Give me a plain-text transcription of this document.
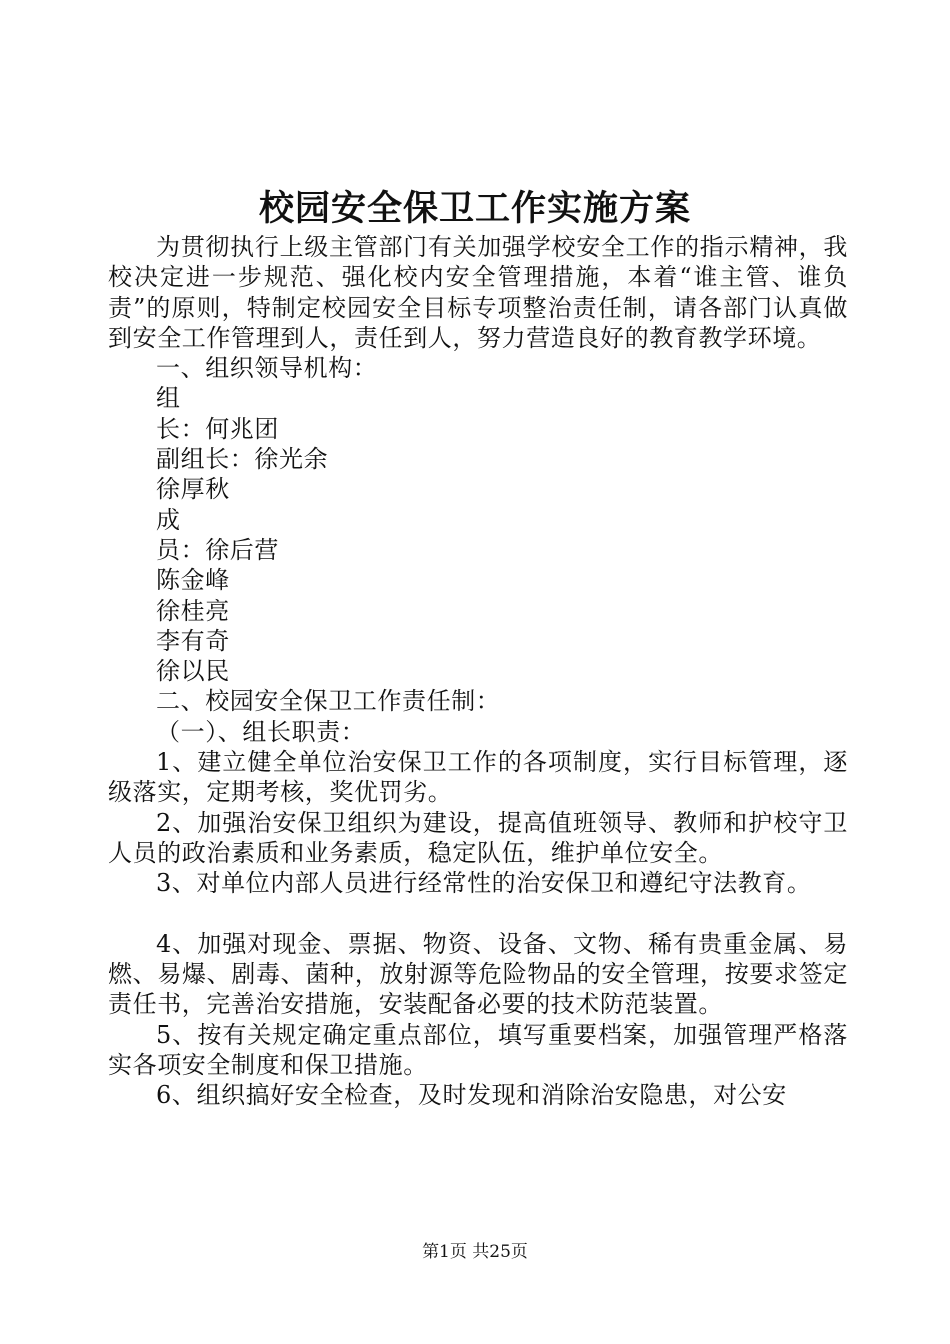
校园安全保卫工作实施方案

为贯彻执行上级主管部门有关加强学校安全工作的指示精神，我校决定进一步规范、强化校内安全管理措施，本着“谁主管、谁负责”的原则，特制定校园安全目标专项整治责任制，请各部门认真做到安全工作管理到人，责任到人，努力营造良好的教育教学环境。

一、组织领导机构：

组

长：何兆团

副组长：徐光余

徐厚秋

成

员：徐后营

陈金峰

徐桂亮

李有奇

徐以民

二、校园安全保卫工作责任制：

（一）、组长职责：

1、建立健全单位治安保卫工作的各项制度，实行目标管理，逐级落实，定期考核，奖优罚劣。

2、加强治安保卫组织为建设，提高值班领导、教师和护校守卫人员的政治素质和业务素质，稳定队伍，维护单位安全。

3、对单位内部人员进行经常性的治安保卫和遵纪守法教育。

4、加强对现金、票据、物资、设备、文物、稀有贵重金属、易燃、易爆、剧毒、菌种，放射源等危险物品的安全管理，按要求签定责任书，完善治安措施，安装配备必要的技术防范装置。

5、按有关规定确定重点部位，填写重要档案，加强管理严格落实各项安全制度和保卫措施。

6、组织搞好安全检查，及时发现和消除治安隐患，对公安

第1页 共25页
